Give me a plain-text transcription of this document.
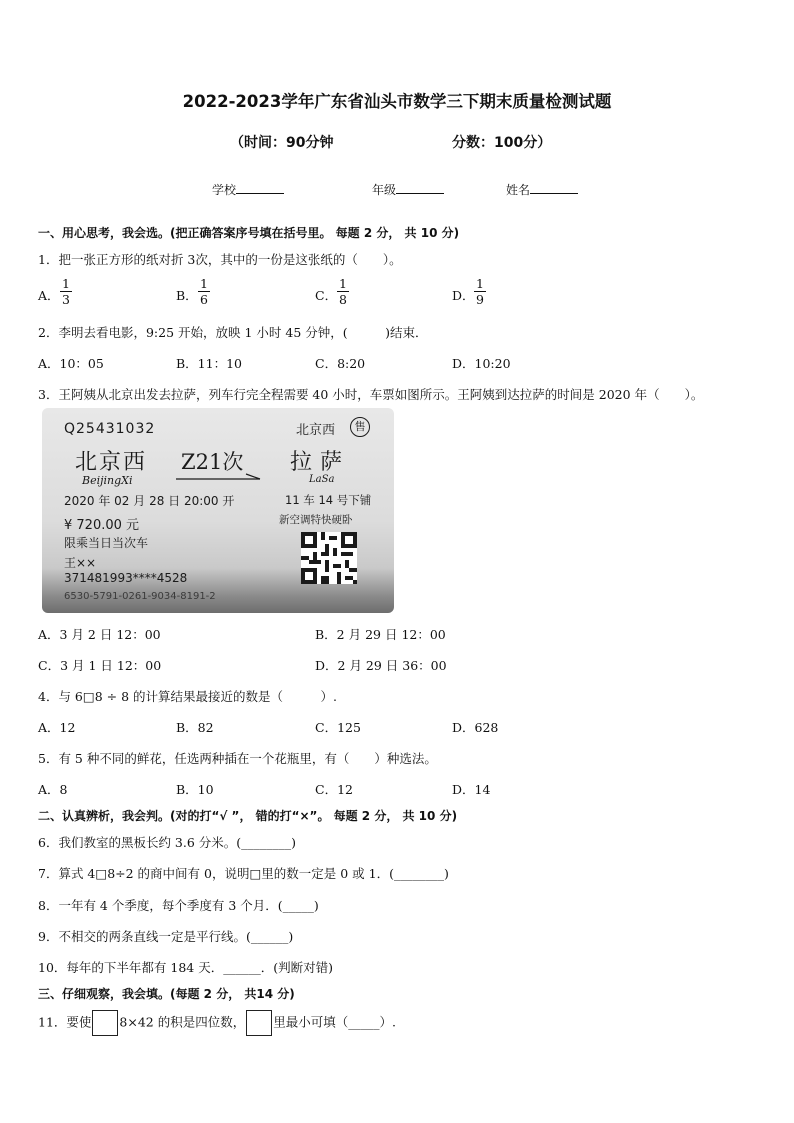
2022-2023学年广东省汕头市数学三下期末质量检测试题
（时间：90分钟	分数：100分）
学校	年级	姓名
一、用心思考，我会选。(把正确答案序号填在括号里。 每题 2 分， 共 10 分)
1．把一张正方形的纸对折 3次，其中的一份是这张纸的（　　）。
A． $\frac{1}{3}$	B． $\frac{1}{6}$	C． $\frac{1}{8}$	D． $\frac{1}{9}$
2．李明去看电影，9:25 开始，放映 1 小时 45 分钟，(　　　)结束．
A．10：05	B．11：10	C．8:20	D．10:20
3．王阿姨从北京出发去拉萨，列车行完全程需要 40 小时，车票如图所示。王阿姨到达拉萨的时间是 2020 年（　　）。
Q25431032	北京西	售
北京西
BeijingXi
Z21次 拉萨
LaSa
2020 年 02 月 28 日 20:00 开	11 车 14 号下铺
¥ 720.00 元	新空调特快硬卧
限乘当日当次车
王××
371481993****4528
6530-5791-0261-9034-8191-2
A．3 月 2 日 12：00	B．2 月 29 日 12：00
C．3 月 1 日 12：00	D．2 月 29 日 36：00
4．与 6□8 ÷ 8 的计算结果最接近的数是（　　　）.
A．12	B．82	C．125	D．628
5．有 5 种不同的鲜花，任选两种插在一个花瓶里，有（　　）种选法。
A．8	B．10	C．12	D．14
二、认真辨析，我会判。(对的打“√ ”， 错的打“×”。 每题 2 分， 共 10 分)
6．我们教室的黑板长约 3.6 分米。(________)
7．算式 4□8÷2 的商中间有 0，说明□里的数一定是 0 或 1．(________)
8．一年有 4 个季度，每个季度有 3 个月．(_____)
9．不相交的两条直线一定是平行线。(______)
10．每年的下半年都有 184 天．______．(判断对错)
三、仔细观察，我会填。(每题 2 分， 共14 分)
11．要使 8×42 的积是四位数， 里最小可填（_____）.
